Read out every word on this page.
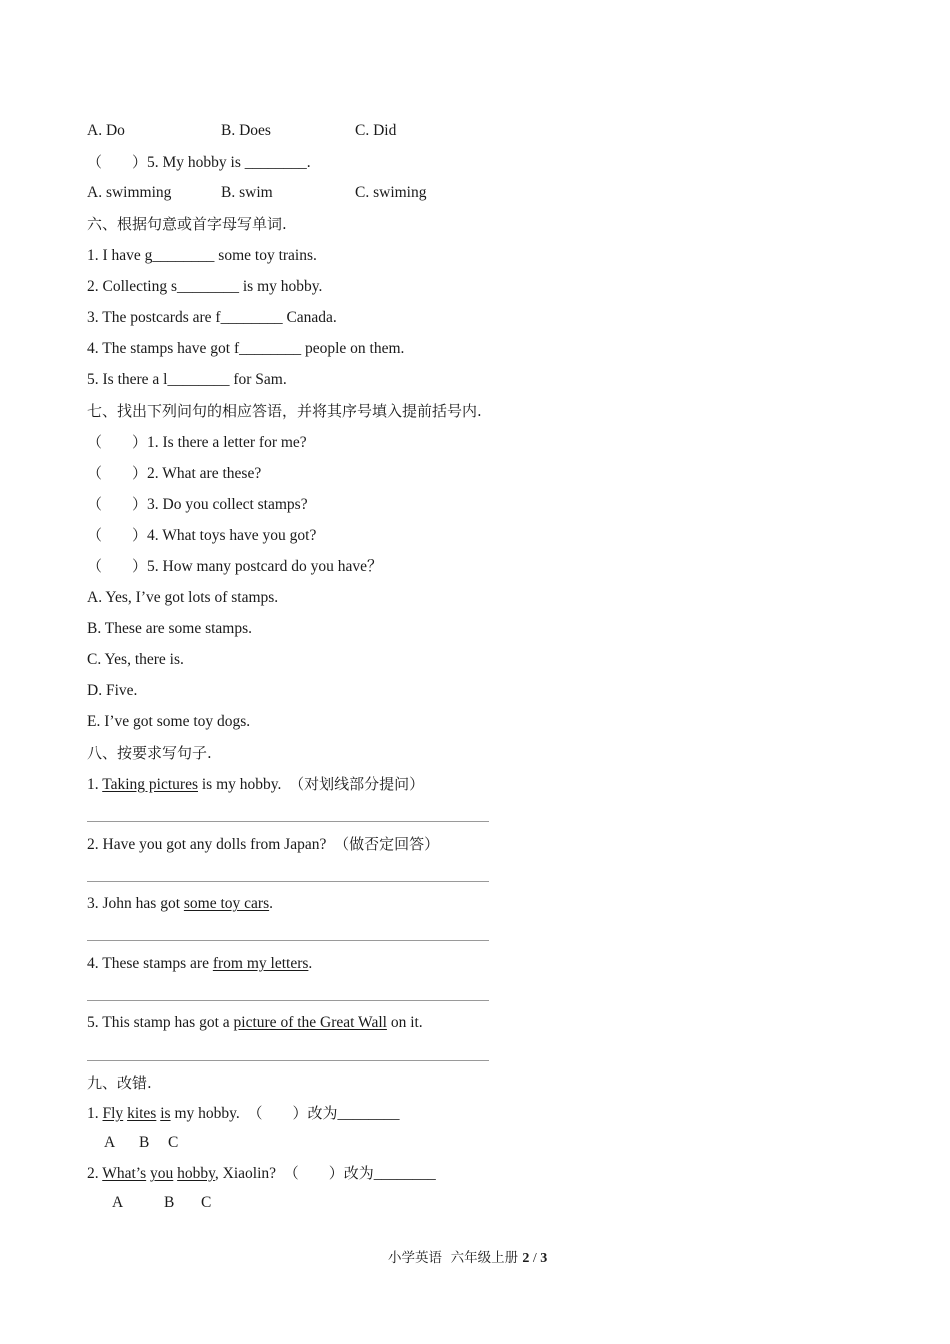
A. Do	B. Does	C. Did
（　　）5. My hobby is ________.
A. swimming	B. swim	C. swiming
六、根据句意或首字母写单词.
1. I have g________ some toy trains.
2. Collecting s________ is my hobby.
3. The postcards are f________ Canada.
4. The stamps have got f________ people on them.
5. Is there a l________ for Sam.
七、找出下列问句的相应答语，并将其序号填入提前括号内.
（　　）1. Is there a letter for me?
（　　）2. What are these?
（　　）3. Do you collect stamps?
（　　）4. What toys have you got?
（　　）5. How many postcard do you have？
A. Yes, I’ve got lots of stamps.
B. These are some stamps.
C. Yes, there is.
D. Five.
E. I’ve got some toy dogs.
八、按要求写句子.
1. Taking pictures is my hobby.  （对划线部分提问）
2. Have you got any dolls from Japan?  （做否定回答）
3. John has got some toy cars.
4. These stamps are from my letters.
5. This stamp has got a picture of the Great Wall on it.
九、改错.
1. Fly kites is my hobby.  （　　）改为________
A B C
2. What’s you hobby, Xiaolin?  （　　）改为________
A	B C
小学英语  六年级上册 2 / 3
